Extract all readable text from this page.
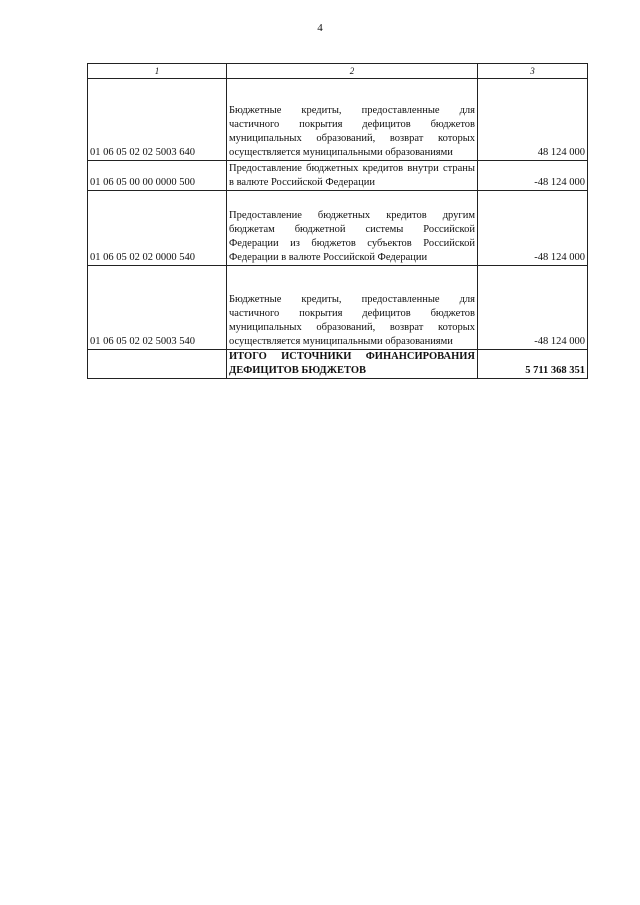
4
1	2	3
01 06 05 02 02 5003 640	Бюджетные кредиты, предоставленные для частичного покрытия дефицитов бюджетов муниципальных образований, возврат которых осуществляется муниципальными образованиями	48 124 000
01 06 05 00 00 0000 500	Предоставление бюджетных кредитов внутри страны в валюте Российской Федерации	-48 124 000
01 06 05 02 02 0000 540	Предоставление бюджетных кредитов другим бюджетам бюджетной системы Российской Федерации из бюджетов субъектов Российской Федерации в валюте Российской Федерации	-48 124 000
01 06 05 02 02 5003 540	Бюджетные кредиты, предоставленные для частичного покрытия дефицитов бюджетов муниципальных образований, возврат которых осуществляется муниципальными образованиями	-48 124 000
	ИТОГО ИСТОЧНИКИ ФИНАНСИРОВАНИЯ ДЕФИЦИТОВ БЮДЖЕТОВ	5 711 368 351
